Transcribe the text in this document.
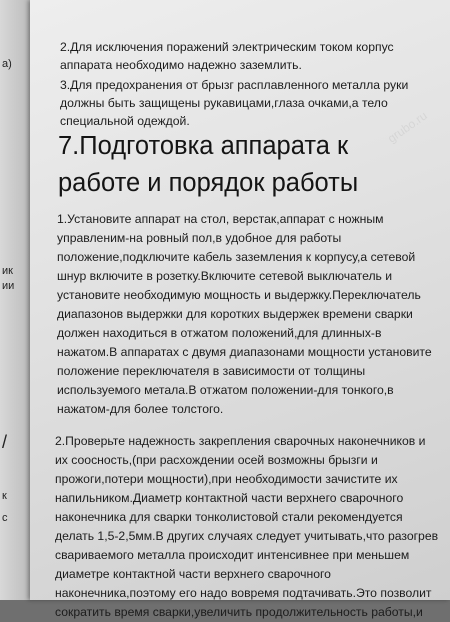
а)
ик
ии
/
к
с
grubo.ru

2.Для исключения поражений электрическим током корпус

аппарата необходимо надежно заземлить.

3.Для предохранения от брызг расплавленного металла руки

должны быть защищены рукавицами,глаза очками,а тело

специальной одеждой.

7.Подготовка аппарата к
работе и порядок работы

1.Установите аппарат на стол, верстак,аппарат с ножным

управленим-на ровный пол,в удобное для работы

положение,подключите кабель заземления к корпусу,а сетевой

шнур включите в розетку.Включите сетевой выключатель и

установите необходимую мощность и выдержку.Переключатель

диапазонов выдержки для коротких выдержек времени сварки

должен находиться в отжатом положений,для длинных-в

нажатом.В аппаратах с двумя диапазонами мощности установите

положение переключателя в зависимости от толщины

используемого метала.В отжатом положении-для тонкого,в

нажатом-для более толстого.

2.Проверьте надежность закрепления сварочных наконечников и

их соосность,(при расхождении осей возможны брызги и

прожоги,потери мощности),при необходимости зачистите их

напильником.Диаметр контактной части верхнего сварочного

наконечника для сварки тонколистовой стали рекомендуется

делать 1,5-2,5мм.В других случаях следует учитывать,что разогрев

свариваемого металла происходит интенсивнее при меньшем

диаметре контактной части верхнего сварочного

наконечника,поэтому его надо вовремя подтачивать.Это позволит

сократить время сварки,увеличить продолжительность работы,и
